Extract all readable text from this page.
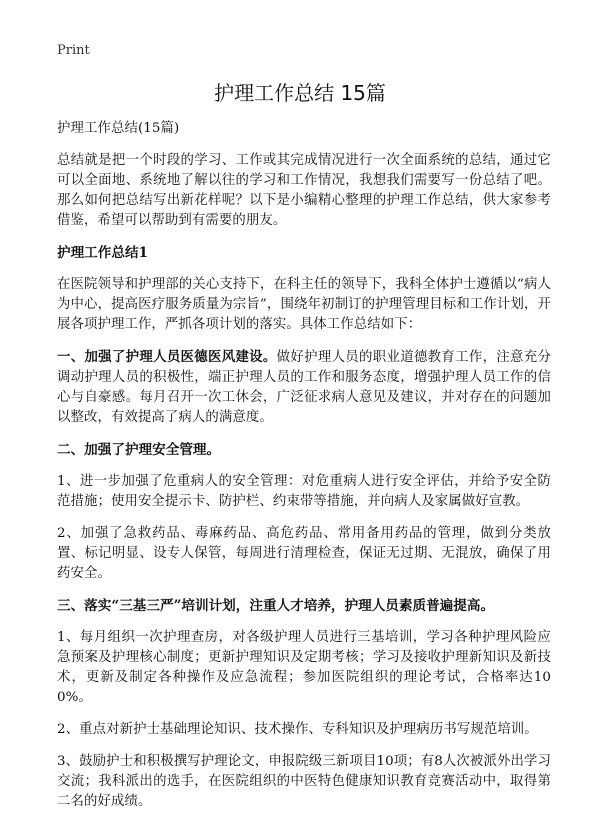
Print
护理工作总结 15篇

护理工作总结(15篇)

总结就是把一个时段的学习、工作或其完成情况进行一次全面系统的总结，通过它可以全面地、系统地了解以往的学习和工作情况，我想我们需要写一份总结了吧。那么如何把总结写出新花样呢？以下是小编精心整理的护理工作总结，供大家参考借鉴，希望可以帮助到有需要的朋友。

护理工作总结1

在医院领导和护理部的关心支持下，在科主任的领导下，我科全体护士遵循以“病人为中心，提高医疗服务质量为宗旨”，围绕年初制订的护理管理目标和工作计划，开展各项护理工作，严抓各项计划的落实。具体工作总结如下：

一、加强了护理人员医德医风建设。做好护理人员的职业道德教育工作，注意充分调动护理人员的积极性，端正护理人员的工作和服务态度，增强护理人员工作的信心与自豪感。每月召开一次工休会，广泛征求病人意见及建议，并对存在的问题加以整改，有效提高了病人的满意度。

二、加强了护理安全管理。

1、进一步加强了危重病人的安全管理：对危重病人进行安全评估，并给予安全防范措施；使用安全提示卡、防护栏、约束带等措施，并向病人及家属做好宣教。

2、加强了急救药品、毒麻药品、高危药品、常用备用药品的管理，做到分类放置、标记明显、设专人保管，每周进行清理检查，保证无过期、无混放，确保了用药安全。

三、落实“三基三严”培训计划，注重人才培养，护理人员素质普遍提高。

1、每月组织一次护理查房，对各级护理人员进行三基培训，学习各种护理风险应急预案及护理核心制度；更新护理知识及定期考核；学习及接收护理新知识及新技术，更新及制定各种操作及应急流程；参加医院组织的理论考试，合格率达100%。

2、重点对新护士基础理论知识、技术操作、专科知识及护理病历书写规范培训。

3、鼓励护士和积极撰写护理论文，申报院级三新项目10项；有8人次被派外出学习交流；我科派出的选手，在医院组织的中医特色健康知识教育竞赛活动中，取得第二名的好成绩。
